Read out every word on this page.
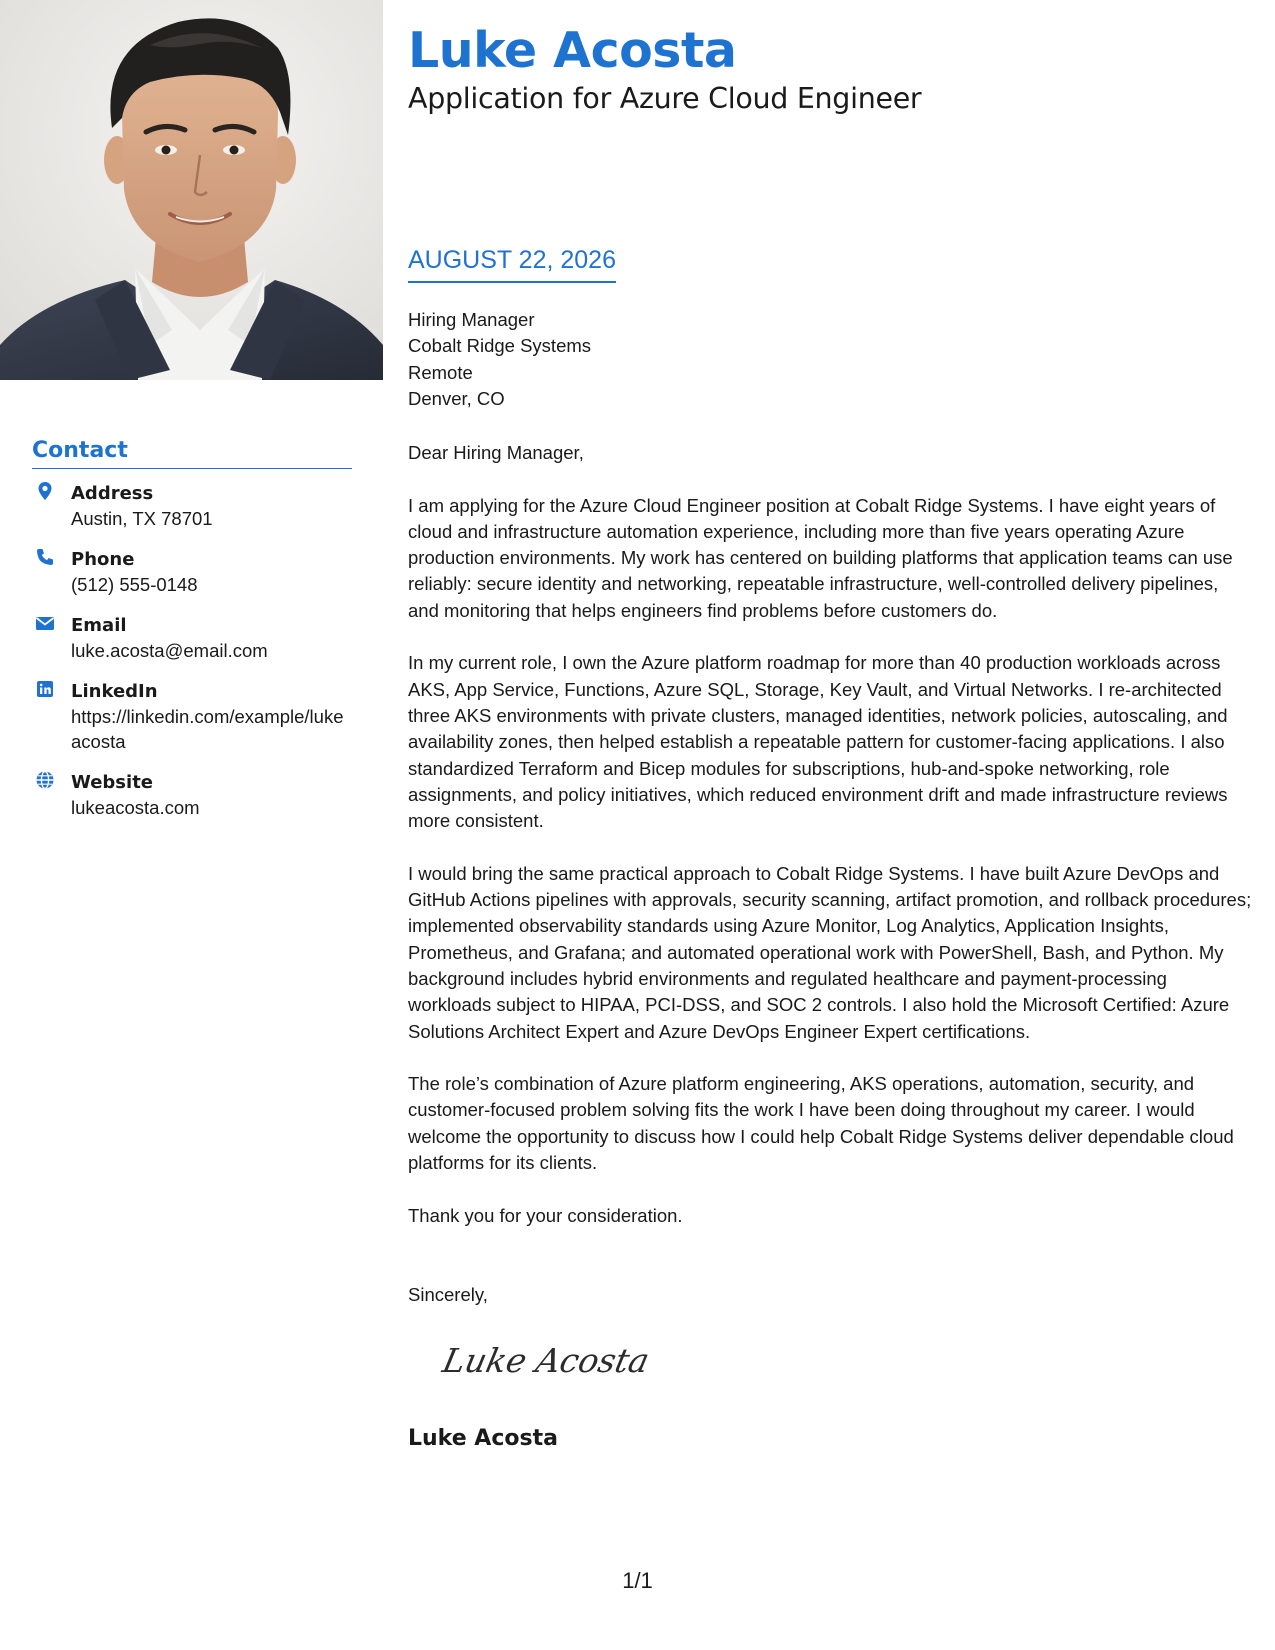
Contact
Address
Austin, TX 78701
Phone
(512) 555-0148
Email
luke.acosta@email.com
LinkedIn
https://linkedin.com/example/lukeacosta
Website
lukeacosta.com
Luke Acosta
Application for Azure Cloud Engineer
AUGUST 22, 2026
Hiring Manager
Cobalt Ridge Systems
Remote
Denver, CO

Dear Hiring Manager,

I am applying for the Azure Cloud Engineer position at Cobalt Ridge Systems. I have eight years of cloud and infrastructure automation experience, including more than five years operating Azure production environments. My work has centered on building platforms that application teams can use reliably: secure identity and networking, repeatable infrastructure, well-controlled delivery pipelines, and monitoring that helps engineers find problems before customers do.

In my current role, I own the Azure platform roadmap for more than 40 production workloads across AKS, App Service, Functions, Azure SQL, Storage, Key Vault, and Virtual Networks. I re-architected three AKS environments with private clusters, managed identities, network policies, autoscaling, and availability zones, then helped establish a repeatable pattern for customer-facing applications. I also standardized Terraform and Bicep modules for subscriptions, hub-and-spoke networking, role assignments, and policy initiatives, which reduced environment drift and made infrastructure reviews more consistent.

I would bring the same practical approach to Cobalt Ridge Systems. I have built Azure DevOps and GitHub Actions pipelines with approvals, security scanning, artifact promotion, and rollback procedures; implemented observability standards using Azure Monitor, Log Analytics, Application Insights, Prometheus, and Grafana; and automated operational work with PowerShell, Bash, and Python. My background includes hybrid environments and regulated healthcare and payment-processing workloads subject to HIPAA, PCI-DSS, and SOC 2 controls. I also hold the Microsoft Certified: Azure Solutions Architect Expert and Azure DevOps Engineer Expert certifications.

The role’s combination of Azure platform engineering, AKS operations, automation, security, and customer-focused problem solving fits the work I have been doing throughout my career. I would welcome the opportunity to discuss how I could help Cobalt Ridge Systems deliver dependable cloud platforms for its clients.

Thank you for your consideration.

Sincerely,
Luke Acosta
Luke Acosta
1/1
